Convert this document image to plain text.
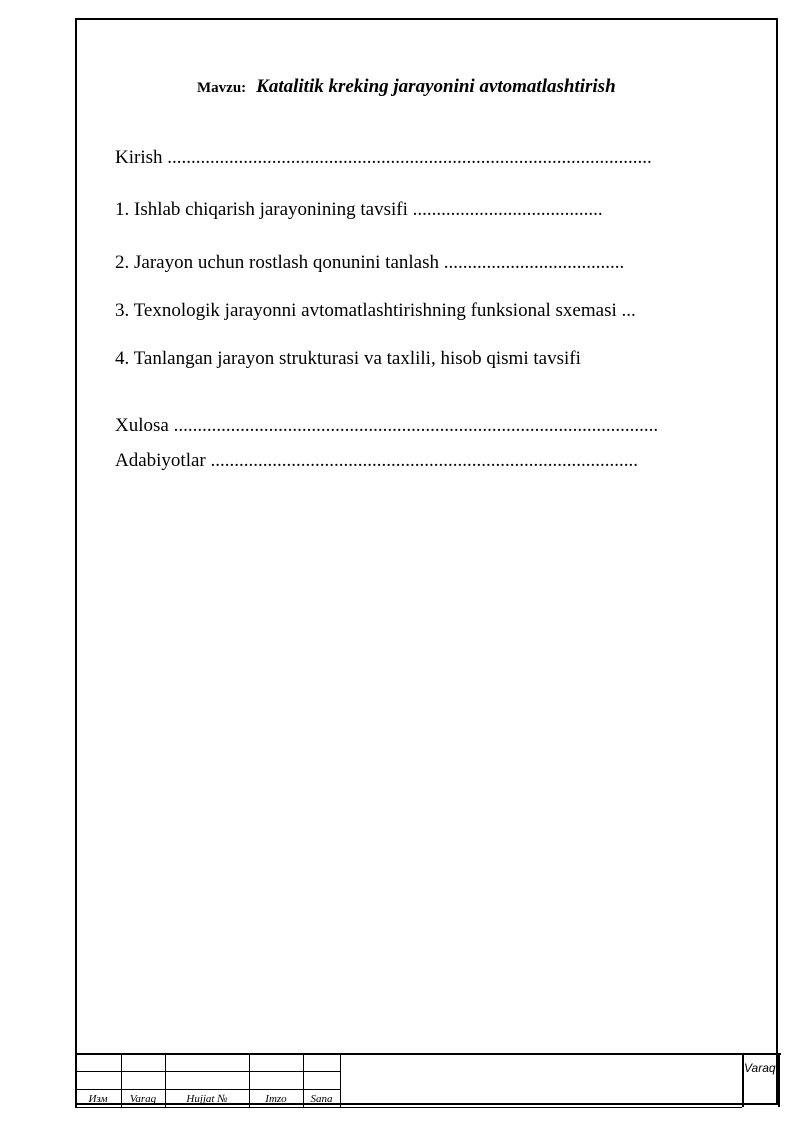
Mavzu: Katalitik kreking jarayonini avtomatlashtirish
Kirish ......................................................................................................
1. Ishlab chiqarish jarayonining tavsifi ........................................
2. Jarayon uchun rostlash qonunini tanlash ......................................
3. Texnologik jarayonni avtomatlashtirishning funksional sxemasi ...
4. Tanlangan jarayon strukturasi va taxlili, hisob qismi tavsifi
Xulosa ......................................................................................................
Adabiyotlar ..........................................................................................
Изм	Varaq	Hujjat №	Imzo	Sana
Varaq
